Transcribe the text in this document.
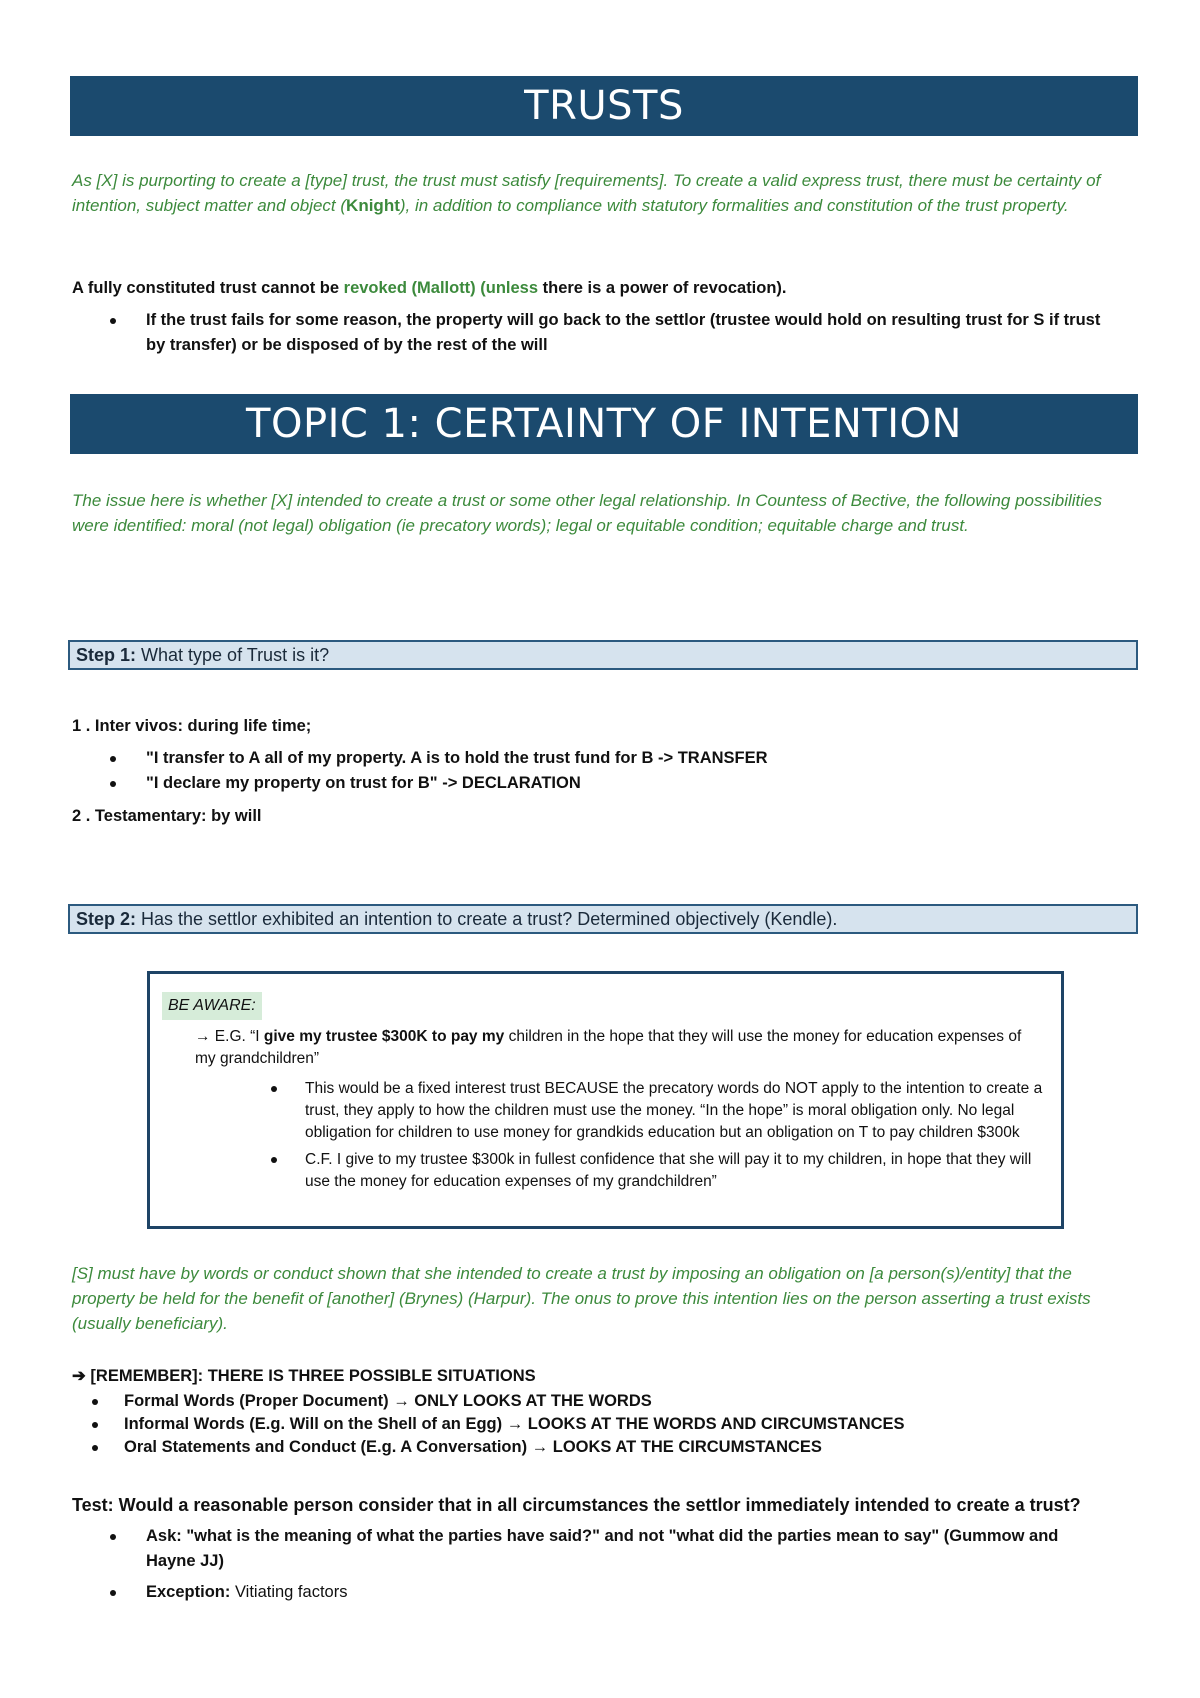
TRUSTS
As [X] is purporting to create a [type] trust, the trust must satisfy [requirements]. To create a valid express trust, there must be certainty of intention, subject matter and object (Knight), in addition to compliance with statutory formalities and constitution of the trust property.
A fully constituted trust cannot be revoked (Mallott) (unless there is a power of revocation).
If the trust fails for some reason, the property will go back to the settlor (trustee would hold on resulting trust for S if trust by transfer) or be disposed of by the rest of the will
TOPIC 1: CERTAINTY OF INTENTION
The issue here is whether [X] intended to create a trust or some other legal relationship. In Countess of Bective, the following possibilities were identified: moral (not legal) obligation (ie precatory words); legal or equitable condition; equitable charge and trust.
Step 1: What type of Trust is it?
1 . Inter vivos: during life time;
"I transfer to A all of my property. A is to hold the trust fund for B -> TRANSFER
"I declare my property on trust for B" -> DECLARATION
2 . Testamentary: by will
Step 2: Has the settlor exhibited an intention to create a trust? Determined objectively (Kendle).
BE AWARE:
→ E.G. “I give my trustee $300K to pay my children in the hope that they will use the money for education expenses of my grandchildren”
This would be a fixed interest trust BECAUSE the precatory words do NOT apply to the intention to create a trust, they apply to how the children must use the money. “In the hope” is moral obligation only. No legal obligation for children to use money for grandkids education but an obligation on T to pay children $300k
C.F. I give to my trustee $300k in fullest confidence that she will pay it to my children, in hope that they will use the money for education expenses of my grandchildren”
[S] must have by words or conduct shown that she intended to create a trust by imposing an obligation on [a person(s)/entity] that the property be held for the benefit of [another] (Brynes) (Harpur). The onus to prove this intention lies on the person asserting a trust exists (usually beneficiary).
➔ [REMEMBER]: THERE IS THREE POSSIBLE SITUATIONS
Formal Words (Proper Document) → ONLY LOOKS AT THE WORDS
Informal Words (E.g. Will on the Shell of an Egg) → LOOKS AT THE WORDS AND CIRCUMSTANCES
Oral Statements and Conduct (E.g. A Conversation) → LOOKS AT THE CIRCUMSTANCES
Test: Would a reasonable person consider that in all circumstances the settlor immediately intended to create a trust?
Ask: "what is the meaning of what the parties have said?" and not "what did the parties mean to say" (Gummow and Hayne JJ)
Exception: Vitiating factors
